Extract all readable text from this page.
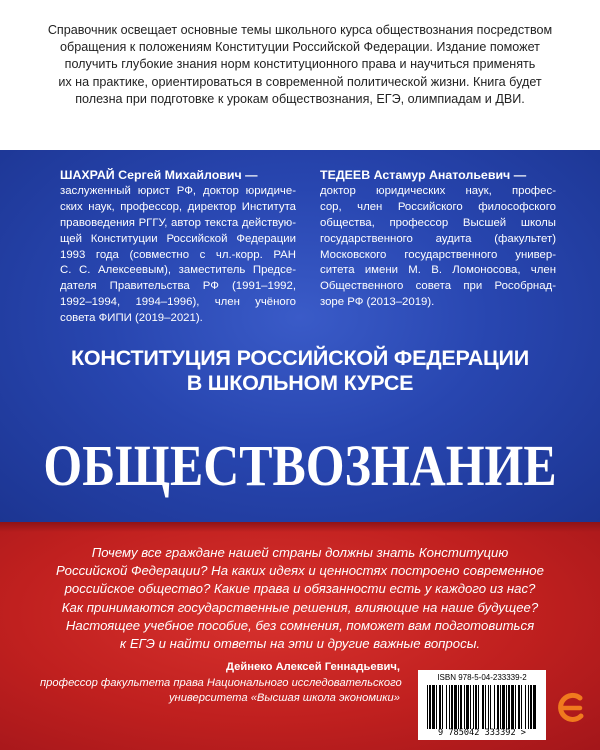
Справочник освещает основные темы школьного курса обществознания посредством
обращения к положениям Конституции Российской Федерации. Издание поможет
получить глубокие знания норм конституционного права и научиться применять
их на практике, ориентироваться в современной политической жизни. Книга будет
полезна при подготовке к урокам обществознания, ЕГЭ, олимпиадам и ДВИ.
ШАХРАЙ Сергей Михайлович —
заслуженный юрист РФ, доктор юридиче-
ских наук, профессор, директор Института
правоведения РГГУ, автор текста действую-
щей Конституции Российской Федерации
1993 года (совместно с чл.-корр. РАН
С. С. Алексеевым), заместитель Предсе-
дателя Правительства РФ (1991–1992,
1992–1994, 1994–1996), член учёного
совета ФИПИ (2019–2021).
ТЕДЕЕВ Астамур Анатольевич —
доктор юридических наук, профес-
сор, член Российского философского
общества, профессор Высшей школы
государственного аудита (факультет)
Московского государственного универ-
ситета имени М. В. Ломоносова, член
Общественного совета при Рособрнад-
зоре РФ (2013–2019).
КОНСТИТУЦИЯ РОССИЙСКОЙ ФЕДЕРАЦИИ
В ШКОЛЬНОМ КУРСЕ
ОБЩЕСТВОЗНАНИЕ
Почему все граждане нашей страны должны знать Конституцию
Российской Федерации? На каких идеях и ценностях построено современное
российское общество? Какие права и обязанности есть у каждого из нас?
Как принимаются государственные решения, влияющие на наше будущее?
Настоящее учебное пособие, без сомнения, поможет вам подготовиться
к ЕГЭ и найти ответы на эти и другие важные вопросы.
Дейнеко Алексей Геннадьевич,
профессор факультета права Национального исследовательского
университета «Высшая школа экономики»
ISBN 978-5-04-233339-2
9 785042 333392 >
